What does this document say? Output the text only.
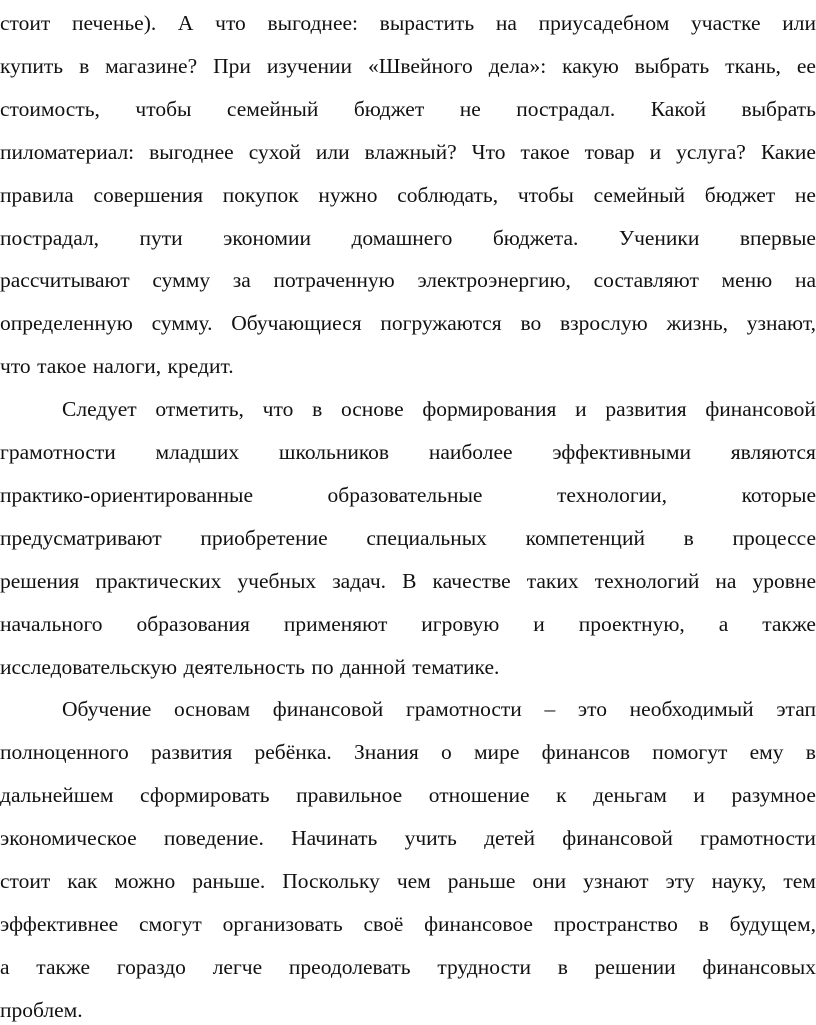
стоит печенье). А что выгоднее: вырастить на приусадебном участке или
купить в магазине? При изучении «Швейного дела»: какую выбрать ткань, ее
стоимость, чтобы семейный бюджет не пострадал. Какой выбрать
пиломатериал: выгоднее сухой или влажный? Что такое товар и услуга? Какие
правила совершения покупок нужно соблюдать, чтобы семейный бюджет не
пострадал, пути экономии домашнего бюджета. Ученики впервые
рассчитывают сумму за потраченную электроэнергию, составляют меню на
определенную сумму. Обучающиеся погружаются во взрослую жизнь, узнают,
что такое налоги, кредит.
Следует отметить, что в основе формирования и развития финансовой
грамотности младших школьников наиболее эффективными являются
практико-ориентированные	образовательные	технологии,	которые
предусматривают приобретение специальных компетенций в процессе
решения практических учебных задач. В качестве таких технологий на уровне
начального образования применяют игровую и проектную, а также
исследовательскую деятельность по данной тематике.
Обучение основам финансовой грамотности – это необходимый этап
полноценного развития ребёнка. Знания о мире финансов помогут ему в
дальнейшем сформировать правильное отношение к деньгам и разумное
экономическое поведение. Начинать учить детей финансовой грамотности
стоит как можно раньше. Поскольку чем раньше они узнают эту науку, тем
эффективнее смогут организовать своё финансовое пространство в будущем,
а также гораздо легче преодолевать трудности в решении финансовых
проблем.
